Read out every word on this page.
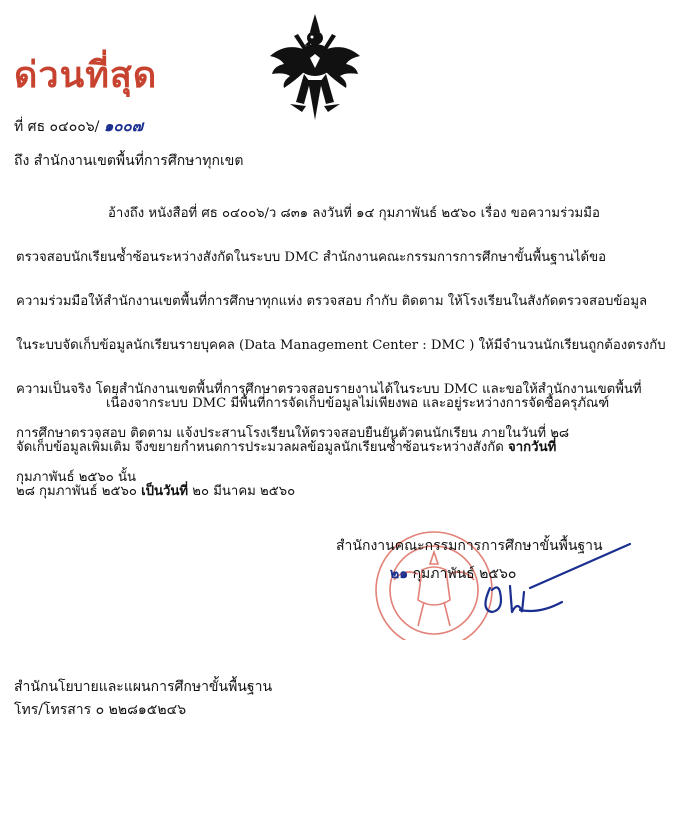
ด่วนที่สุด
ที่ ศธ ๐๔๐๐๖/ ๑๐๐๗
ถึง สำนักงานเขตพื้นที่การศึกษาทุกเขต

อ้างถึง หนังสือที่ ศธ ๐๔๐๐๖/ว ๘๓๑ ลงวันที่ ๑๔ กุมภาพันธ์ ๒๕๖๐ เรื่อง ขอความร่วมมือ

ตรวจสอบนักเรียนซ้ำซ้อนระหว่างสังกัดในระบบ DMC สำนักงานคณะกรรมการการศึกษาขั้นพื้นฐานได้ขอ

ความร่วมมือให้สำนักงานเขตพื้นที่การศึกษาทุกแห่ง ตรวจสอบ กำกับ ติดตาม ให้โรงเรียนในสังกัดตรวจสอบข้อมูล

ในระบบจัดเก็บข้อมูลนักเรียนรายบุคคล (Data Management Center : DMC ) ให้มีจำนวนนักเรียนถูกต้องตรงกับ

ความเป็นจริง โดยสำนักงานเขตพื้นที่การศึกษาตรวจสอบรายงานได้ในระบบ DMC และขอให้สำนักงานเขตพื้นที่

การศึกษาตรวจสอบ ติดตาม แจ้งประสานโรงเรียนให้ตรวจสอบยืนยันตัวตนนักเรียน ภายในวันที่ ๒๘

กุมภาพันธ์ ๒๕๖๐ นั้น

เนื่องจากระบบ DMC มีพื้นที่การจัดเก็บข้อมูลไม่เพียงพอ และอยู่ระหว่างการจัดซื้อครุภัณฑ์

จัดเก็บข้อมูลเพิ่มเติม จึงขยายกำหนดการประมวลผลข้อมูลนักเรียนซ้ำซ้อนระหว่างสังกัด จากวันที่

๒๘ กุมภาพันธ์ ๒๕๖๐ เป็นวันที่ ๒๐ มีนาคม ๒๕๖๐

สำนักงานคณะกรรมการการศึกษาขั้นพื้นฐาน
๒๑ กุมภาพันธ์ ๒๕๖๐
สำนักนโยบายและแผนการศึกษาขั้นพื้นฐาน
โทร/โทรสาร ๐ ๒๒๘๑๕๒๔๖
